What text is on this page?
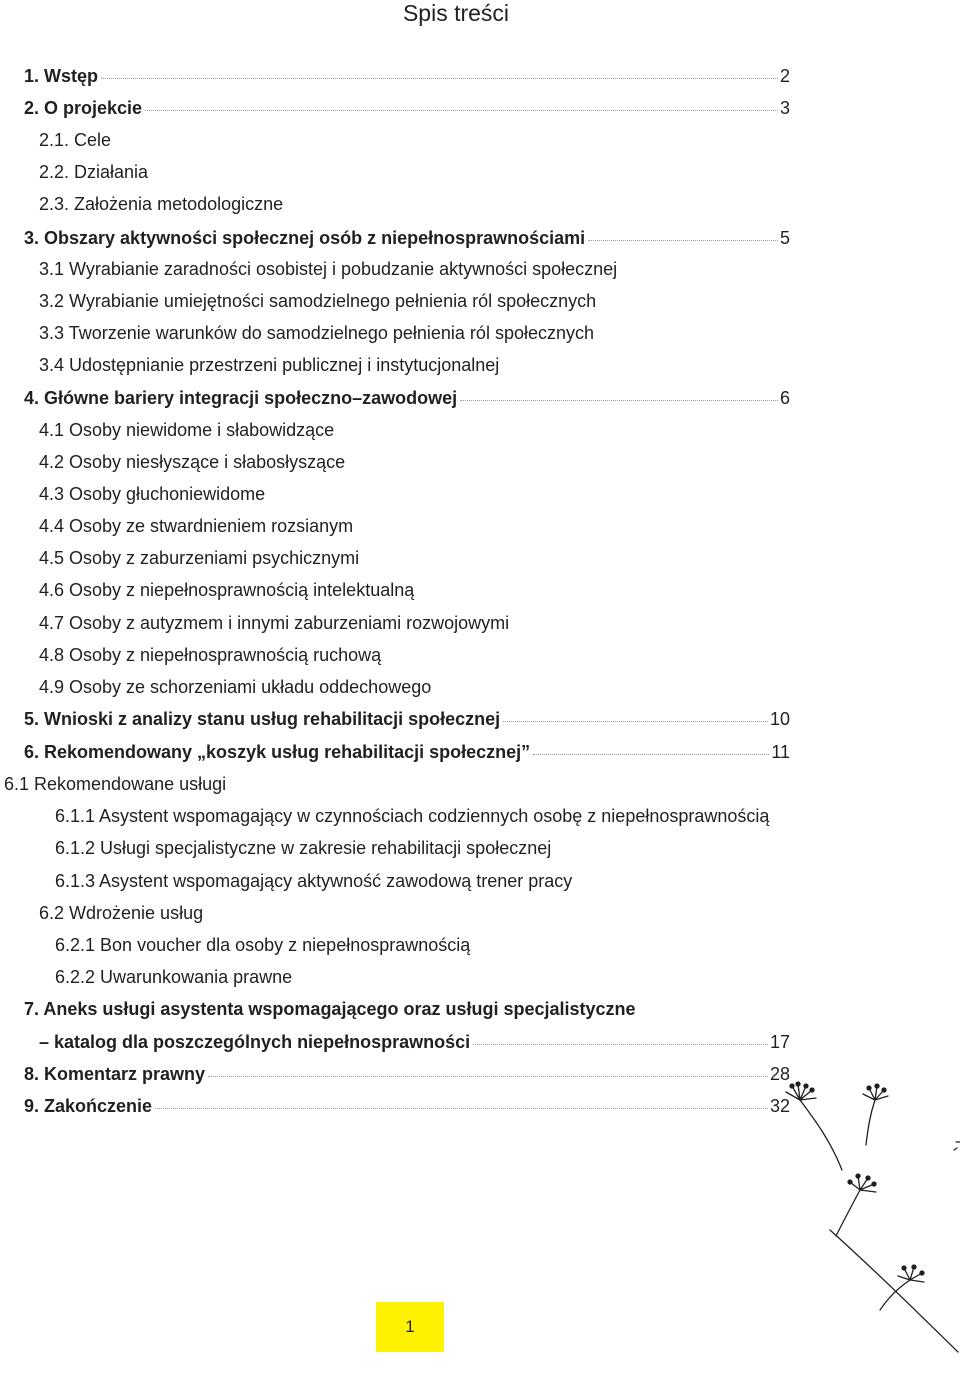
Spis treści
1. Wstęp	2
2. O projekcie	3
2.1. Cele
2.2. Działania
2.3. Założenia metodologiczne
3. Obszary aktywności społecznej osób z niepełnosprawnościami	5
3.1 Wyrabianie zaradności osobistej i pobudzanie aktywności społecznej
3.2 Wyrabianie umiejętności samodzielnego pełnienia ról społecznych
3.3 Tworzenie warunków do samodzielnego pełnienia ról społecznych
3.4 Udostępnianie przestrzeni publicznej i instytucjonalnej
4. Główne bariery integracji społeczno–zawodowej	6
4.1 Osoby niewidome i słabowidzące
4.2 Osoby niesłyszące i słabosłyszące
4.3 Osoby głuchoniewidome
4.4 Osoby ze stwardnieniem rozsianym
4.5 Osoby z zaburzeniami psychicznymi
4.6 Osoby z niepełnosprawnością intelektualną
4.7 Osoby z autyzmem i innymi zaburzeniami rozwojowymi
4.8 Osoby z niepełnosprawnością ruchową
4.9 Osoby ze schorzeniami układu oddechowego
5. Wnioski z analizy stanu usług rehabilitacji społecznej	10
6. Rekomendowany „koszyk usług rehabilitacji społecznej”	11
6.1 Rekomendowane usługi
6.1.1 Asystent wspomagający w czynnościach codziennych osobę z niepełnosprawnością
6.1.2 Usługi specjalistyczne w zakresie rehabilitacji społecznej
6.1.3 Asystent wspomagający aktywność zawodową trener pracy
6.2 Wdrożenie usług
6.2.1 Bon voucher dla osoby z niepełnosprawnością
6.2.2 Uwarunkowania prawne
7. Aneks usługi asystenta wspomagającego oraz usługi specjalistyczne
– katalog dla poszczególnych niepełnosprawności	17
8. Komentarz prawny	28
9. Zakończenie	32
1
